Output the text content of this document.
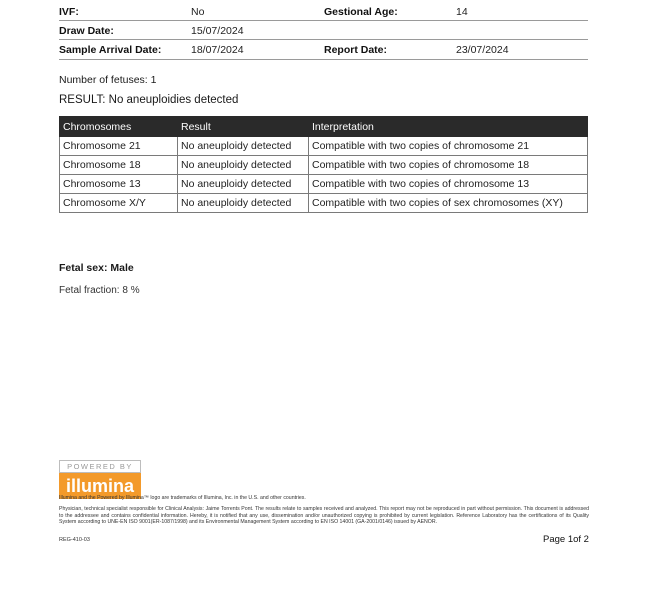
IVF:	No	Gestional Age:	14
Draw Date:	15/07/2024
Sample Arrival Date:	18/07/2024	Report Date:	23/07/2024
Number of fetuses: 1
RESULT: No aneuploidies detected
Chromosomes	Result	Interpretation
Chromosome 21	No aneuploidy detected	Compatible with two copies of chromosome 21
Chromosome 18	No aneuploidy detected	Compatible with two copies of chromosome 18
Chromosome 13	No aneuploidy detected	Compatible with two copies of chromosome 13
Chromosome X/Y	No aneuploidy detected	Compatible with two copies of sex chromosomes (XY)
Fetal sex: Male
Fetal fraction: 8 %
POWERED BY
illumina
Illumina and the Powered by Illumina™ logo are trademarks of Illumina, Inc. in the U.S. and other countries.
Physician, technical specialist responsible for Clinical Analysis: Jaime Torrents Pont. The results relate to samples received and analyzed. This report may not be reproduced in part without permission. This document is addressed to the addressee and contains confidential information. Hereby, it is notified that any use, dissemination and/or unauthorized copying is prohibited by current legislation. Reference Laboratory has the certifications of its Quality System according to UNE-EN ISO 9001(ER-1087/1998) and its Environmental Management System according to EN ISO 14001 (GA-2001/0146) issued by AENOR.
REG-410-03	Page 1of 2
